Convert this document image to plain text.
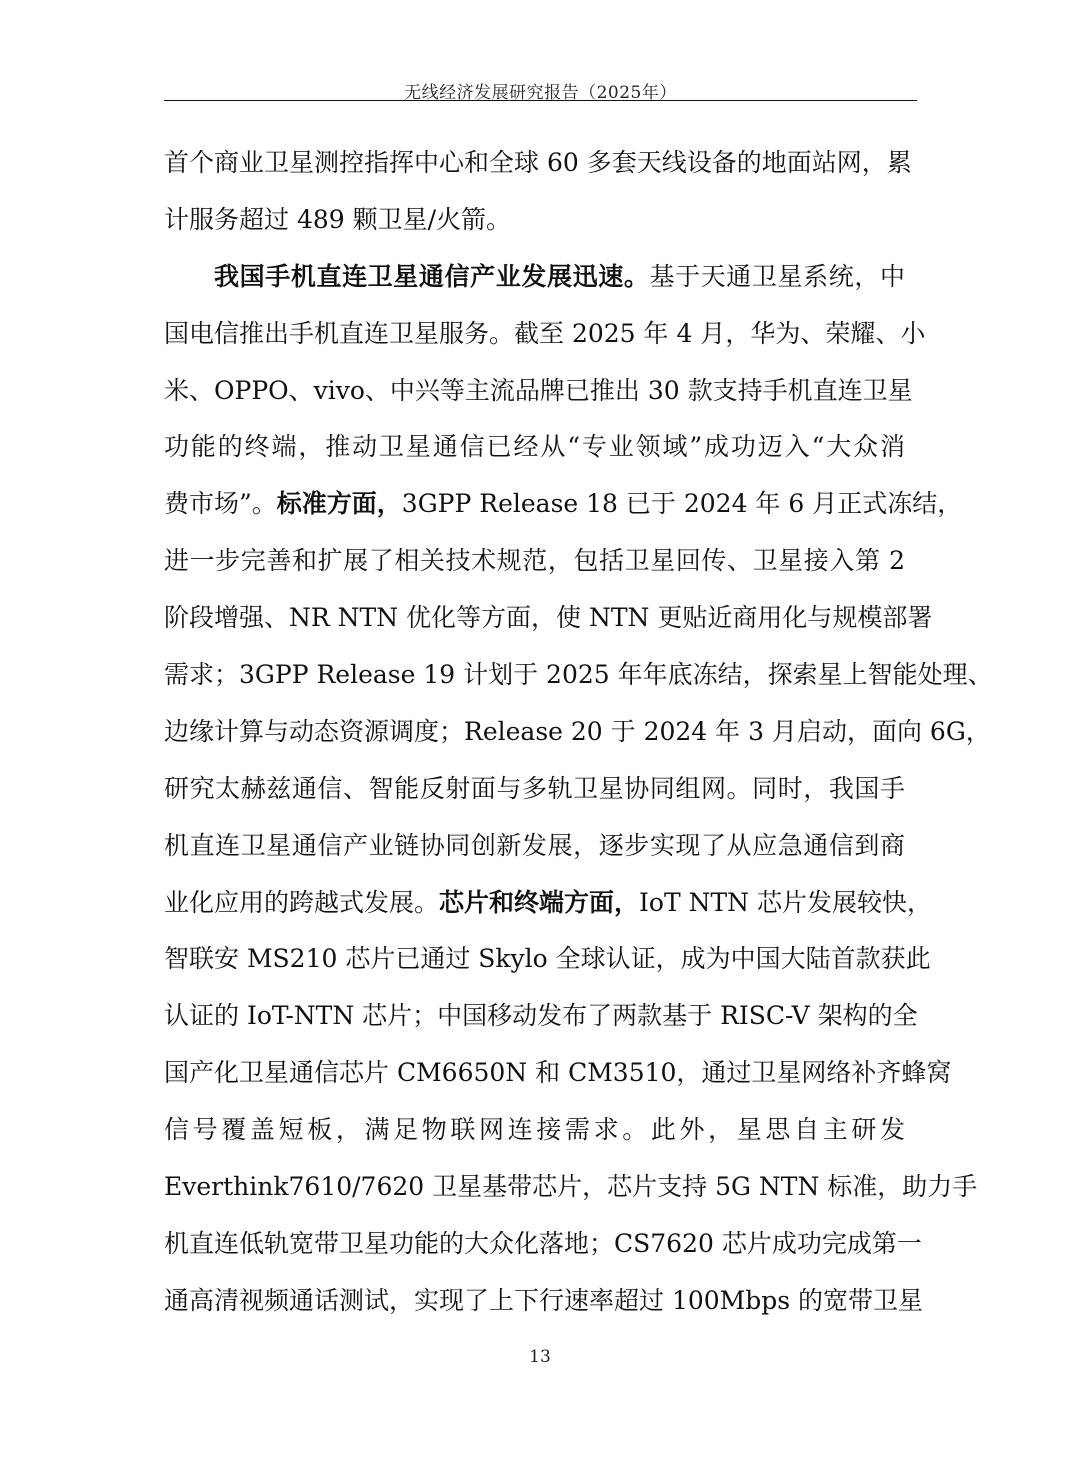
无线经济发展研究报告（2025年）
首个商业卫星测控指挥中心和全球 60 多套天线设备的地面站网，累
计服务超过 489 颗卫星/火箭。
我国手机直连卫星通信产业发展迅速。基于天通卫星系统，中
国电信推出手机直连卫星服务。截至 2025 年 4 月，华为、荣耀、小
米、OPPO、vivo、中兴等主流品牌已推出 30 款支持手机直连卫星
功能的终端，推动卫星通信已经从“专业领域”成功迈入“大众消
费市场”。标准方面，3GPP Release 18 已于 2024 年 6 月正式冻结，
进一步完善和扩展了相关技术规范，包括卫星回传、卫星接入第 2
阶段增强、NR NTN 优化等方面，使 NTN 更贴近商用化与规模部署
需求；3GPP Release 19 计划于 2025 年年底冻结，探索星上智能处理、
边缘计算与动态资源调度；Release 20 于 2024 年 3 月启动，面向 6G，
研究太赫兹通信、智能反射面与多轨卫星协同组网。同时，我国手
机直连卫星通信产业链协同创新发展，逐步实现了从应急通信到商
业化应用的跨越式发展。芯片和终端方面，IoT NTN 芯片发展较快，
智联安 MS210 芯片已通过 Skylo 全球认证，成为中国大陆首款获此
认证的 IoT-NTN 芯片；中国移动发布了两款基于 RISC-V 架构的全
国产化卫星通信芯片 CM6650N 和 CM3510，通过卫星网络补齐蜂窝
信号覆盖短板，满足物联网连接需求。此外，星思自主研发
Everthink7610/7620 卫星基带芯片，芯片支持 5G NTN 标准，助力手
机直连低轨宽带卫星功能的大众化落地；CS7620 芯片成功完成第一
通高清视频通话测试，实现了上下行速率超过 100Mbps 的宽带卫星
13
